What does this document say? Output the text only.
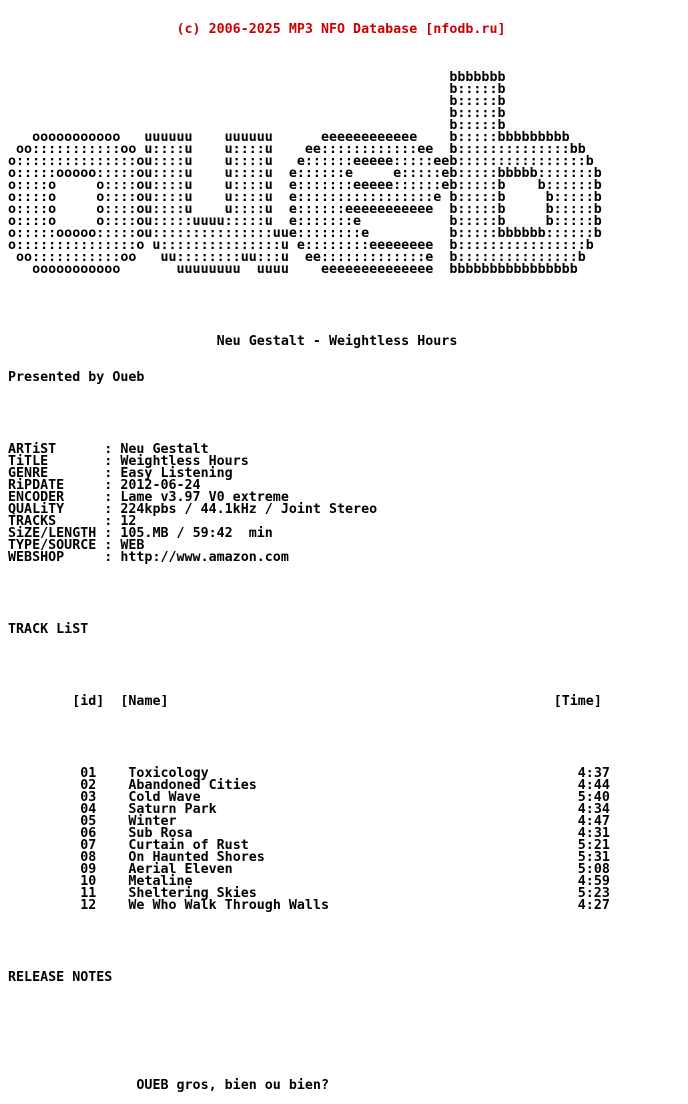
(c) 2006-2025 MP3 NFO Database [nfodb.ru]

bbbbbbb
b:::::b
b:::::b
b:::::b
b:::::b
ooooooooooo   uuuuuu    uuuuuu      eeeeeeeeeeee    b:::::bbbbbbbbb
oo:::::::::::oo u::::u    u::::u    ee::::::::::::ee  b::::::::::::::bb
o:::::::::::::::ou::::u    u::::u   e::::::eeeee:::::eeb::::::::::::::::b
o:::::ooooo:::::ou::::u    u::::u  e::::::e     e:::::eb:::::bbbbb:::::::b
o::::o     o::::ou::::u    u::::u  e:::::::eeeee::::::eb:::::b    b::::::b
o::::o     o::::ou::::u    u::::u  e:::::::::::::::::e b:::::b     b:::::b
o::::o     o::::ou::::u    u::::u  e::::::eeeeeeeeeee  b:::::b     b:::::b
o::::o     o::::ou:::::uuuu:::::u  e:::::::e           b:::::b     b:::::b
o:::::ooooo:::::ou:::::::::::::::uue::::::::e          b:::::bbbbbb::::::b
o:::::::::::::::o u:::::::::::::::u e::::::::eeeeeeee  b::::::::::::::::b
oo:::::::::::oo   uu::::::::uu:::u  ee:::::::::::::e  b:::::::::::::::b
ooooooooooo       uuuuuuuu  uuuu    eeeeeeeeeeeeee  bbbbbbbbbbbbbbbb

Neu Gestalt - Weightless Hours

Presented by Oueb

ARTiST      : Neu Gestalt
TiTLE       : Weightless Hours
GENRE       : Easy Listening
RiPDATE     : 2012-06-24
ENCODER     : Lame v3.97 V0 extreme
QUALiTY     : 224kpbs / 44.1kHz / Joint Stereo
TRACKS      : 12
SiZE/LENGTH : 105.MB / 59:42  min
TYPE/SOURCE : WEB
WEBSHOP     : http://www.amazon.com

TRACK LiST

[id] [Name]	[Time]

01 Toxicology	4:37
02 Abandoned Cities	4:44
03 Cold Wave	5:40
04 Saturn Park	4:34
05 Winter	4:47
06 Sub Rosa	4:31
07 Curtain of Rust	5:21
08 On Haunted Shores	5:31
09 Aerial Eleven	5:08
10 Metaline	4:59
11 Sheltering Skies	5:23
12 We Who Walk Through Walls	4:27

RELEASE NOTES

OUEB gros, bien ou bien?
